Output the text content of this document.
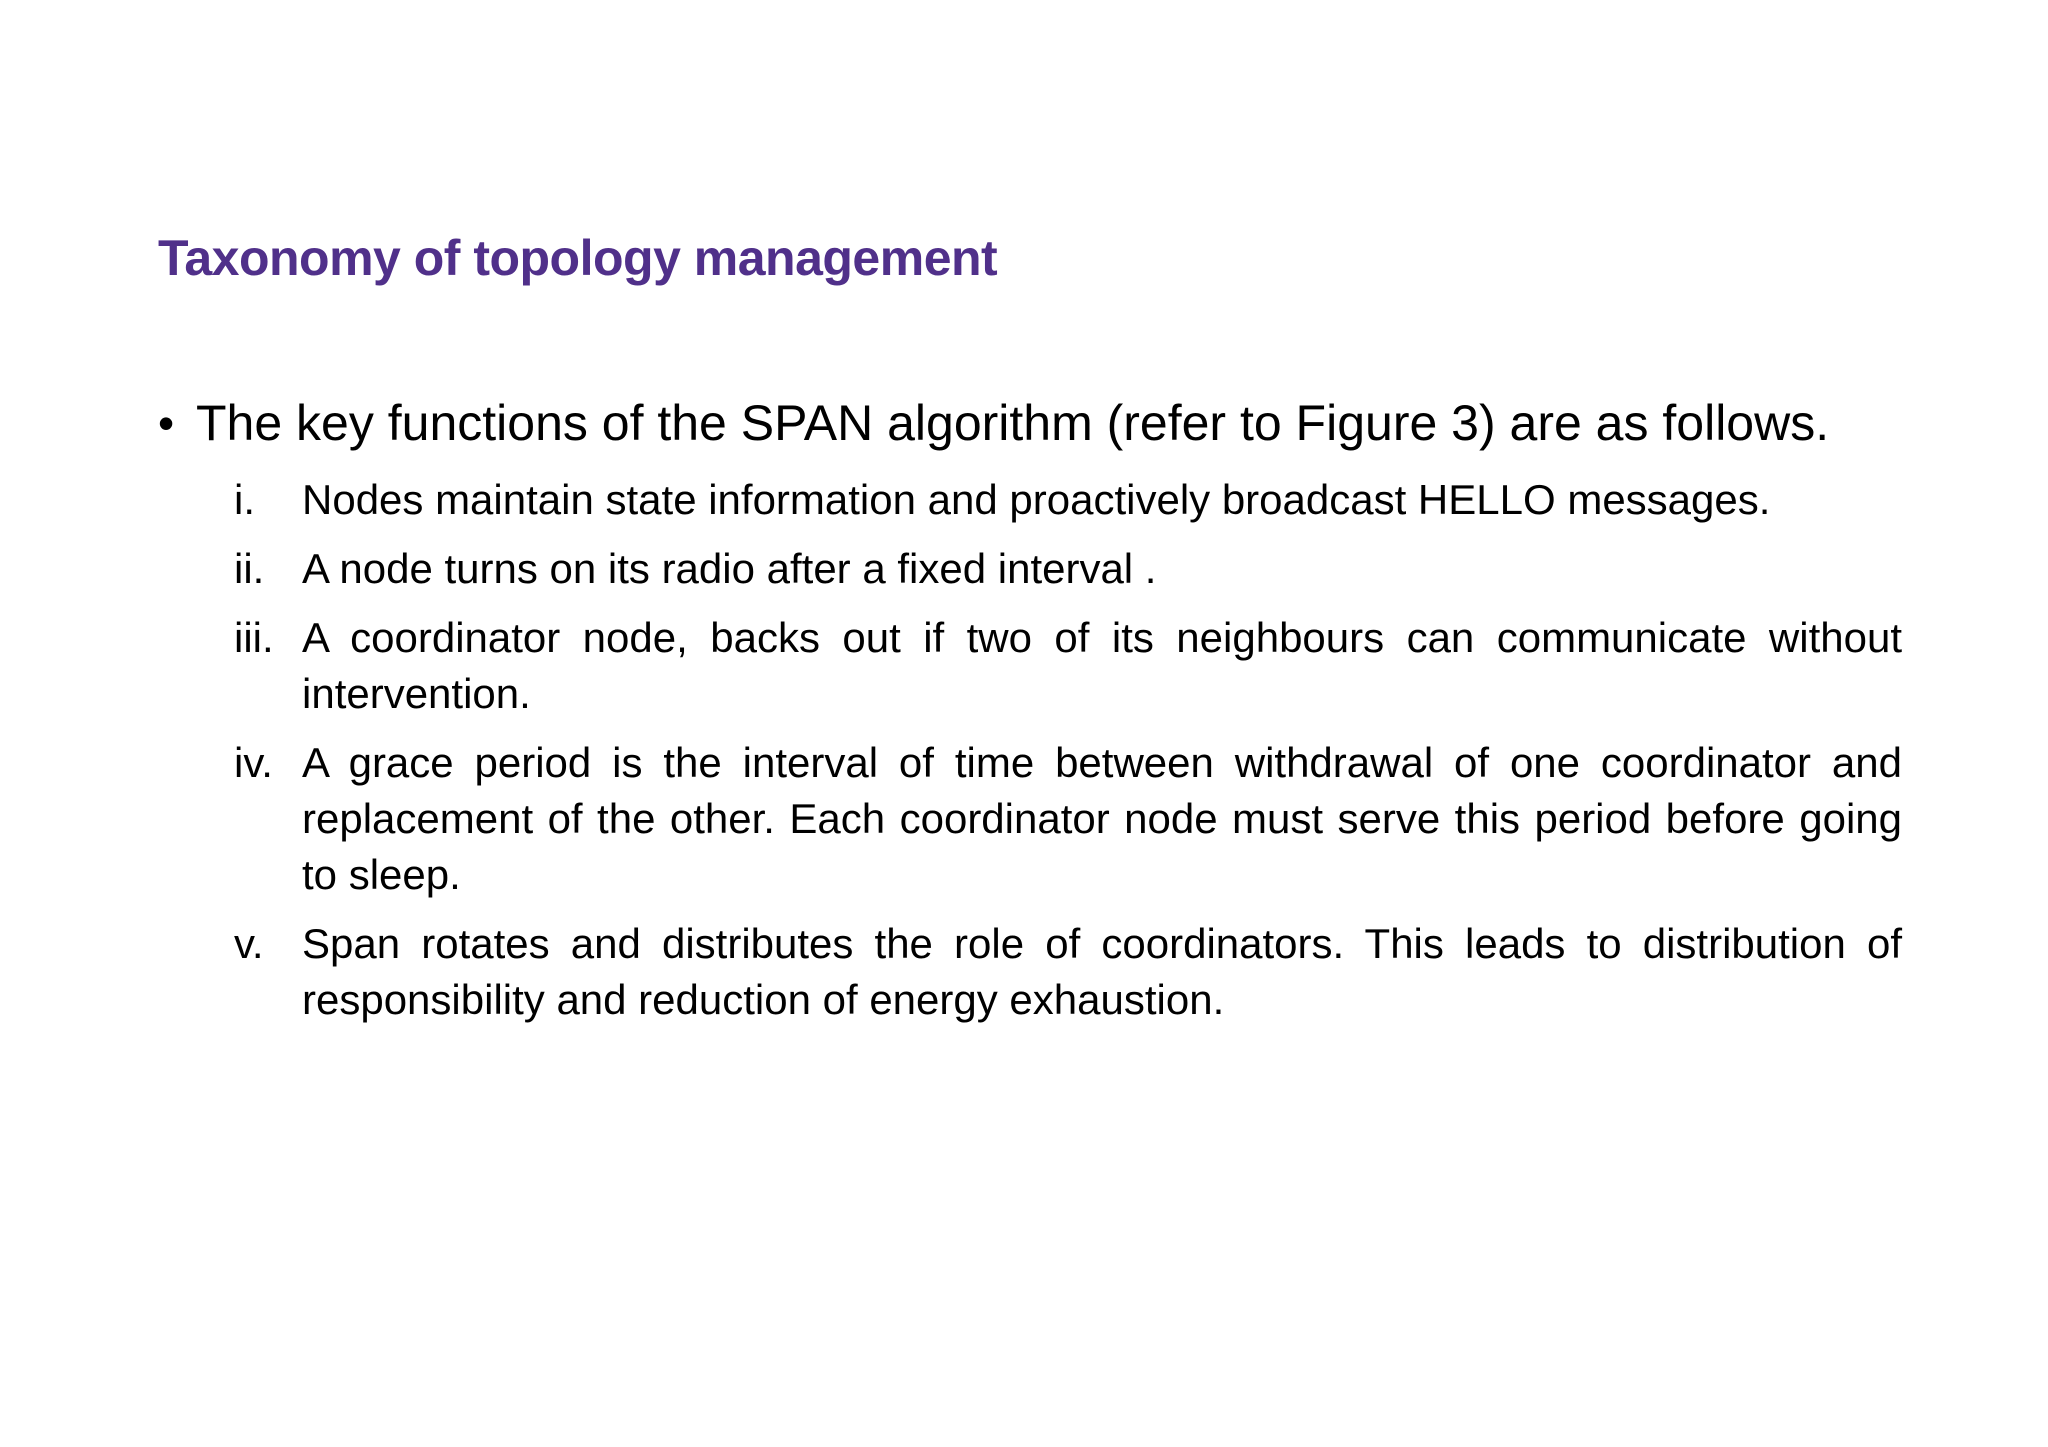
Taxonomy of topology management
• The key functions of the SPAN algorithm (refer to Figure 3) are as follows.
i.	Nodes maintain state information and proactively broadcast HELLO messages.
ii. A node turns on its radio after a fixed interval .
iii. A coordinator node, backs out if two of its neighbours can communicate without intervention.
iv. A grace period is the interval of time between withdrawal of one coordinator and replacement of the other. Each coordinator node must serve this period before going to sleep.
v. Span rotates and distributes the role of coordinators. This leads to distribution of responsibility and reduction of energy exhaustion.
